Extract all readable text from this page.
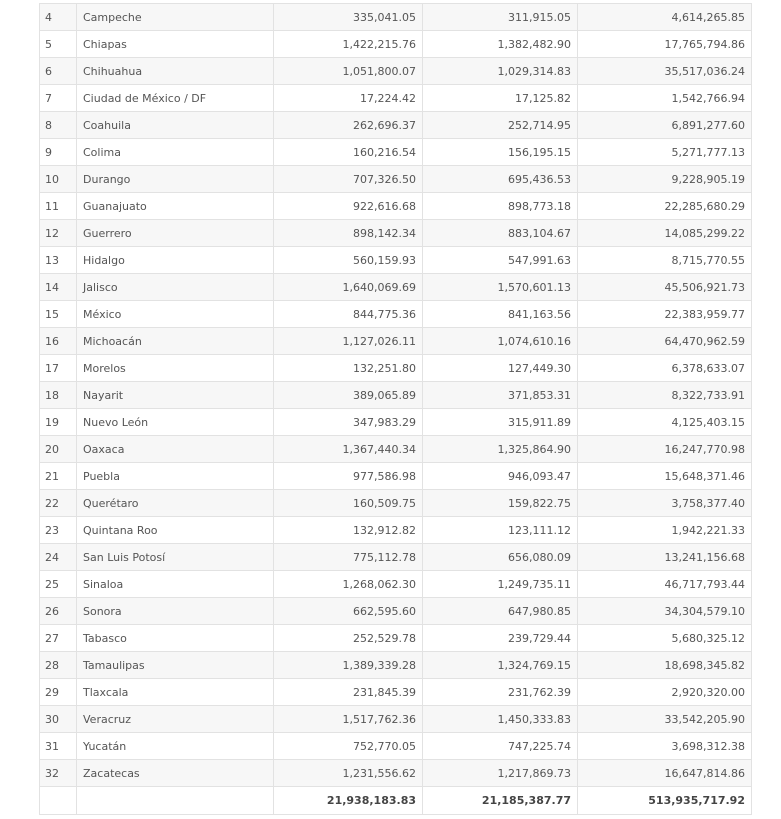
4	Campeche	335,041.05	311,915.05	4,614,265.85
5	Chiapas	1,422,215.76	1,382,482.90	17,765,794.86
6	Chihuahua	1,051,800.07	1,029,314.83	35,517,036.24
7	Ciudad de México / DF	17,224.42	17,125.82	1,542,766.94
8	Coahuila	262,696.37	252,714.95	6,891,277.60
9	Colima	160,216.54	156,195.15	5,271,777.13
10	Durango	707,326.50	695,436.53	9,228,905.19
11	Guanajuato	922,616.68	898,773.18	22,285,680.29
12	Guerrero	898,142.34	883,104.67	14,085,299.22
13	Hidalgo	560,159.93	547,991.63	8,715,770.55
14	Jalisco	1,640,069.69	1,570,601.13	45,506,921.73
15	México	844,775.36	841,163.56	22,383,959.77
16	Michoacán	1,127,026.11	1,074,610.16	64,470,962.59
17	Morelos	132,251.80	127,449.30	6,378,633.07
18	Nayarit	389,065.89	371,853.31	8,322,733.91
19	Nuevo León	347,983.29	315,911.89	4,125,403.15
20	Oaxaca	1,367,440.34	1,325,864.90	16,247,770.98
21	Puebla	977,586.98	946,093.47	15,648,371.46
22	Querétaro	160,509.75	159,822.75	3,758,377.40
23	Quintana Roo	132,912.82	123,111.12	1,942,221.33
24	San Luis Potosí	775,112.78	656,080.09	13,241,156.68
25	Sinaloa	1,268,062.30	1,249,735.11	46,717,793.44
26	Sonora	662,595.60	647,980.85	34,304,579.10
27	Tabasco	252,529.78	239,729.44	5,680,325.12
28	Tamaulipas	1,389,339.28	1,324,769.15	18,698,345.82
29	Tlaxcala	231,845.39	231,762.39	2,920,320.00
30	Veracruz	1,517,762.36	1,450,333.83	33,542,205.90
31	Yucatán	752,770.05	747,225.74	3,698,312.38
32	Zacatecas	1,231,556.62	1,217,869.73	16,647,814.86
		21,938,183.83	21,185,387.77	513,935,717.92
